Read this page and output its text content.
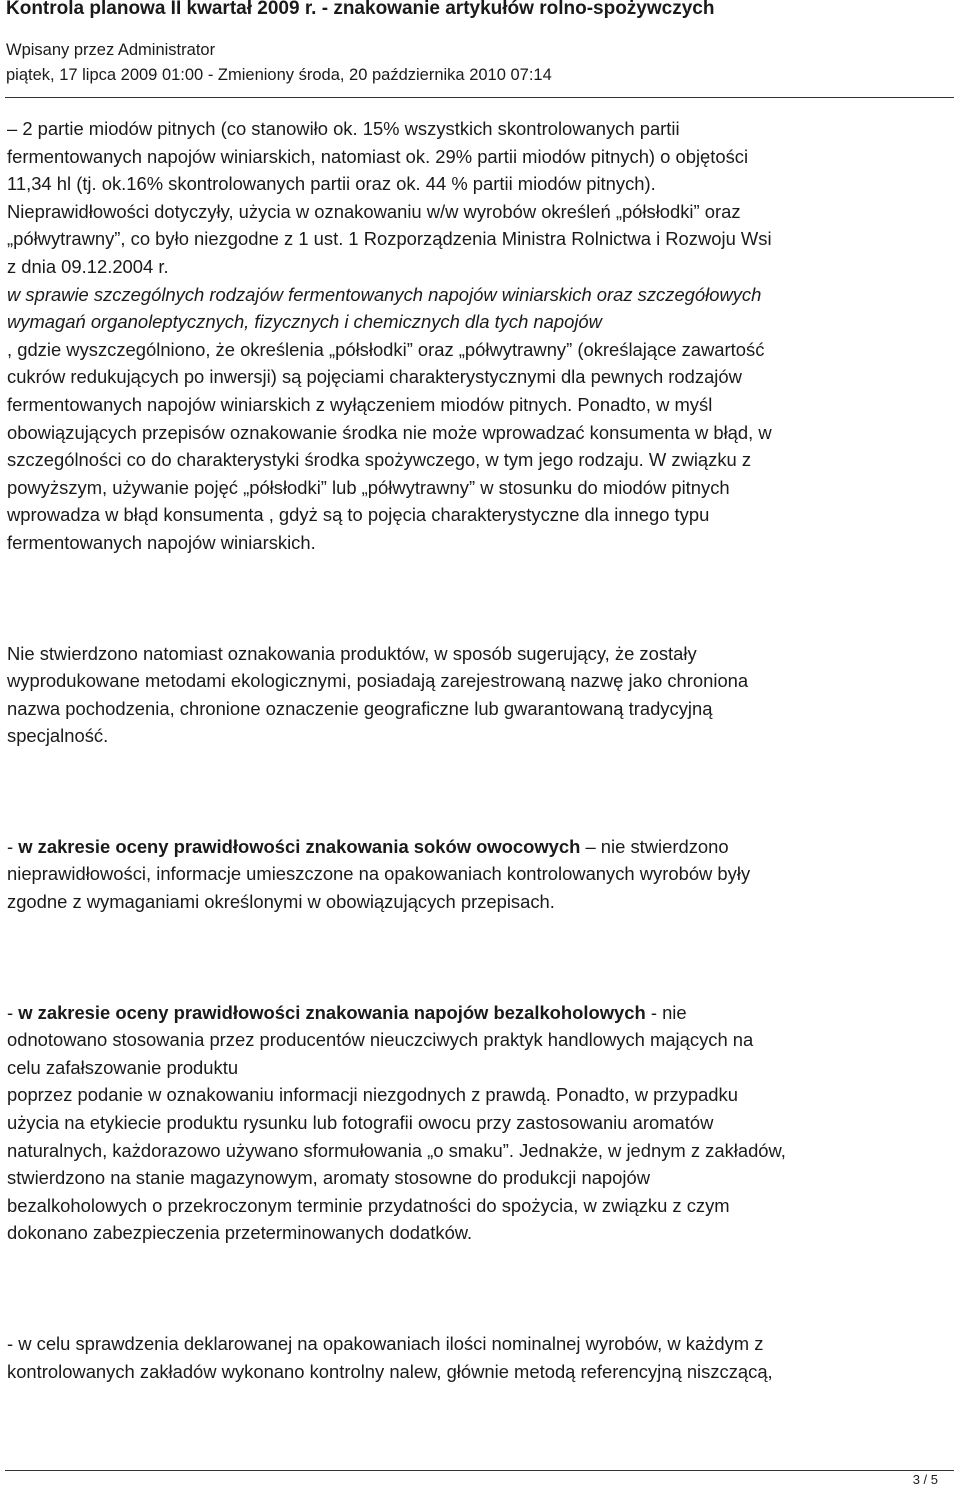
Kontrola planowa II kwartał 2009 r. - znakowanie artykułów rolno-spożywczych
Wpisany przez Administrator
piątek, 17 lipca 2009 01:00 - Zmieniony środa, 20 października 2010 07:14

– 2 partie miodów pitnych (co stanowiło ok. 15% wszystkich skontrolowanych partii
fermentowanych napojów winiarskich, natomiast ok. 29% partii miodów pitnych) o objętości
11,34 hl (tj. ok.16% skontrolowanych partii oraz ok. 44 % partii miodów pitnych).
Nieprawidłowości dotyczyły, użycia w oznakowaniu w/w wyrobów określeń „półsłodki” oraz
„półwytrawny”, co było niezgodne z 1 ust. 1 Rozporządzenia Ministra Rolnictwa i Rozwoju Wsi
z dnia 09.12.2004 r.
w sprawie szczególnych rodzajów fermentowanych napojów winiarskich oraz szczegółowych
wymagań organoleptycznych, fizycznych i chemicznych dla tych napojów
, gdzie wyszczególniono, że określenia „półsłodki” oraz „półwytrawny” (określające zawartość
cukrów redukujących po inwersji) są pojęciami charakterystycznymi dla pewnych rodzajów
fermentowanych napojów winiarskich z wyłączeniem miodów pitnych. Ponadto, w myśl
obowiązujących przepisów oznakowanie środka nie może wprowadzać konsumenta w błąd, w
szczególności co do charakterystyki środka spożywczego, w tym jego rodzaju. W związku z
powyższym, używanie pojęć „półsłodki” lub „półwytrawny” w stosunku do miodów pitnych
wprowadza w błąd konsumenta , gdyż są to pojęcia charakterystyczne dla innego typu
fermentowanych napojów winiarskich.

Nie stwierdzono natomiast oznakowania produktów, w sposób sugerujący, że zostały
wyprodukowane metodami ekologicznymi, posiadają zarejestrowaną nazwę jako chroniona
nazwa pochodzenia, chronione oznaczenie geograficzne lub gwarantowaną tradycyjną
specjalność.

- w zakresie oceny prawidłowości znakowania soków owocowych – nie stwierdzono
nieprawidłowości, informacje umieszczone na opakowaniach kontrolowanych wyrobów były
zgodne z wymaganiami określonymi w obowiązujących przepisach.

- w zakresie oceny prawidłowości znakowania napojów bezalkoholowych - nie
odnotowano stosowania przez producentów nieuczciwych praktyk handlowych mających na
celu zafałszowanie produktu
poprzez podanie w oznakowaniu informacji niezgodnych z prawdą. Ponadto, w przypadku
użycia na etykiecie produktu rysunku lub fotografii owocu przy zastosowaniu aromatów
naturalnych, każdorazowo używano sformułowania „o smaku”. Jednakże, w jednym z zakładów,
stwierdzono na stanie magazynowym, aromaty stosowne do produkcji napojów
bezalkoholowych o przekroczonym terminie przydatności do spożycia, w związku z czym
dokonano zabezpieczenia przeterminowanych dodatków.

- w celu sprawdzenia deklarowanej na opakowaniach ilości nominalnej wyrobów, w każdym z
kontrolowanych zakładów wykonano kontrolny nalew, głównie metodą referencyjną niszczącą,

3 / 5
